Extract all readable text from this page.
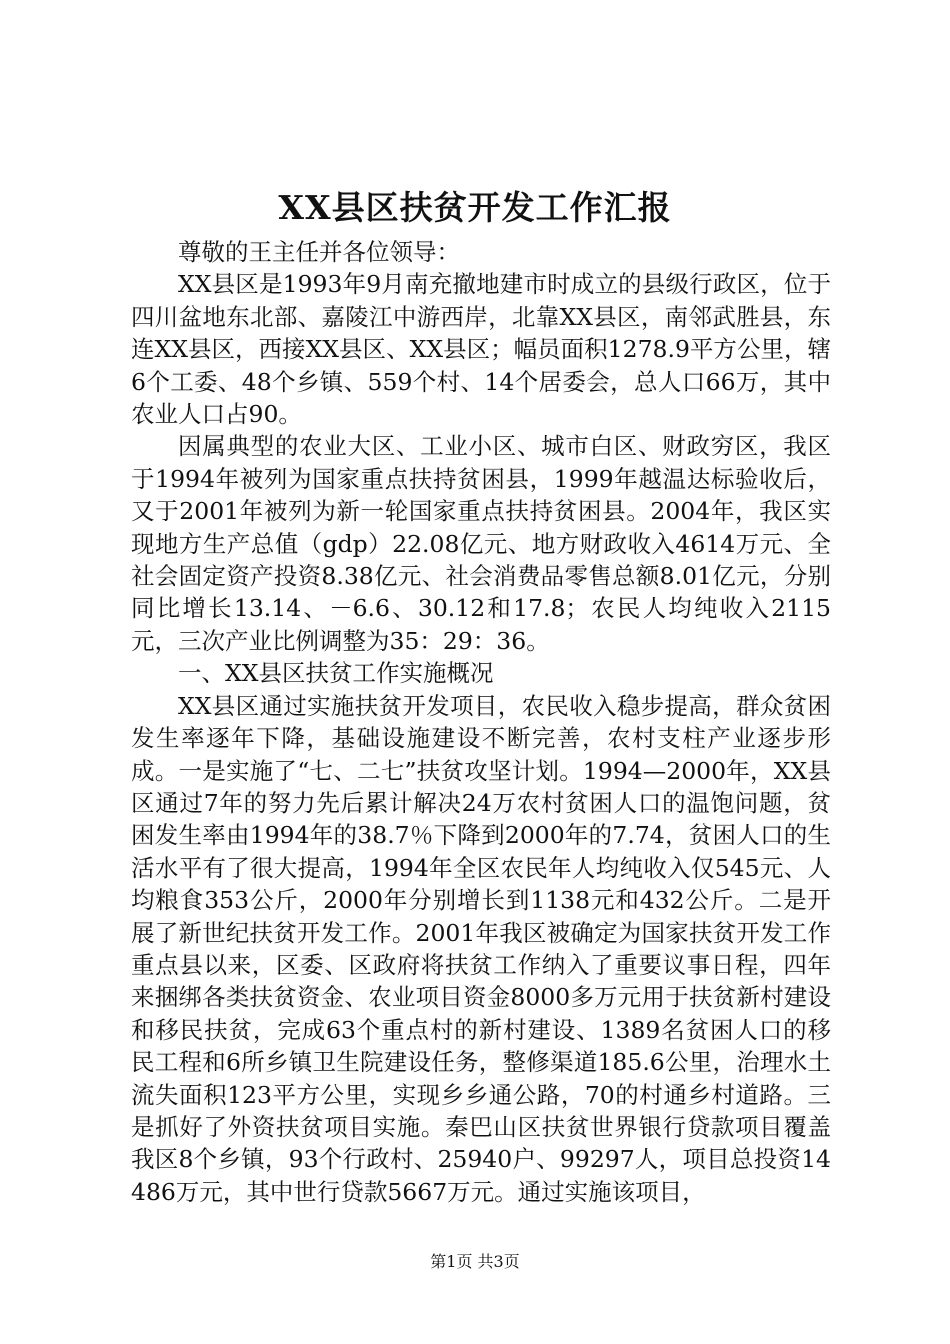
XX县区扶贫开发工作汇报

尊敬的王主任并各位领导：

XX县区是1993年9月南充撤地建市时成立的县级行政区，位于四川盆地东北部、嘉陵江中游西岸，北靠XX县区，南邻武胜县，东连XX县区，西接XX县区、XX县区；幅员面积1278.9平方公里，辖6个工委、48个乡镇、559个村、14个居委会，总人口66万，其中农业人口占90。

因属典型的农业大区、工业小区、城市白区、财政穷区，我区于1994年被列为国家重点扶持贫困县，1999年越温达标验收后，又于2001年被列为新一轮国家重点扶持贫困县。2004年，我区实现地方生产总值（gdp）22.08亿元、地方财政收入4614万元、全社会固定资产投资8.38亿元、社会消费品零售总额8.01亿元，分别同比增长13.14、－6.6、30.12和17.8；农民人均纯收入2115元，三次产业比例调整为35：29：36。

一、XX县区扶贫工作实施概况

XX县区通过实施扶贫开发项目，农民收入稳步提高，群众贫困发生率逐年下降，基础设施建设不断完善，农村支柱产业逐步形成。一是实施了“七、二七”扶贫攻坚计划。1994—2000年，XX县区通过7年的努力先后累计解决24万农村贫困人口的温饱问题，贫困发生率由1994年的38.7％下降到2000年的7.74，贫困人口的生活水平有了很大提高，1994年全区农民年人均纯收入仅545元、人均粮食353公斤，2000年分别增长到1138元和432公斤。二是开展了新世纪扶贫开发工作。2001年我区被确定为国家扶贫开发工作重点县以来，区委、区政府将扶贫工作纳入了重要议事日程，四年来捆绑各类扶贫资金、农业项目资金8000多万元用于扶贫新村建设和移民扶贫，完成63个重点村的新村建设、1389名贫困人口的移民工程和6所乡镇卫生院建设任务，整修渠道185.6公里，治理水土流失面积123平方公里，实现乡乡通公路，70的村通乡村道路。三是抓好了外资扶贫项目实施。秦巴山区扶贫世界银行贷款项目覆盖我区8个乡镇，93个行政村、25940户、99297人，项目总投资14486万元，其中世行贷款5667万元。通过实施该项目，

第1页 共3页
